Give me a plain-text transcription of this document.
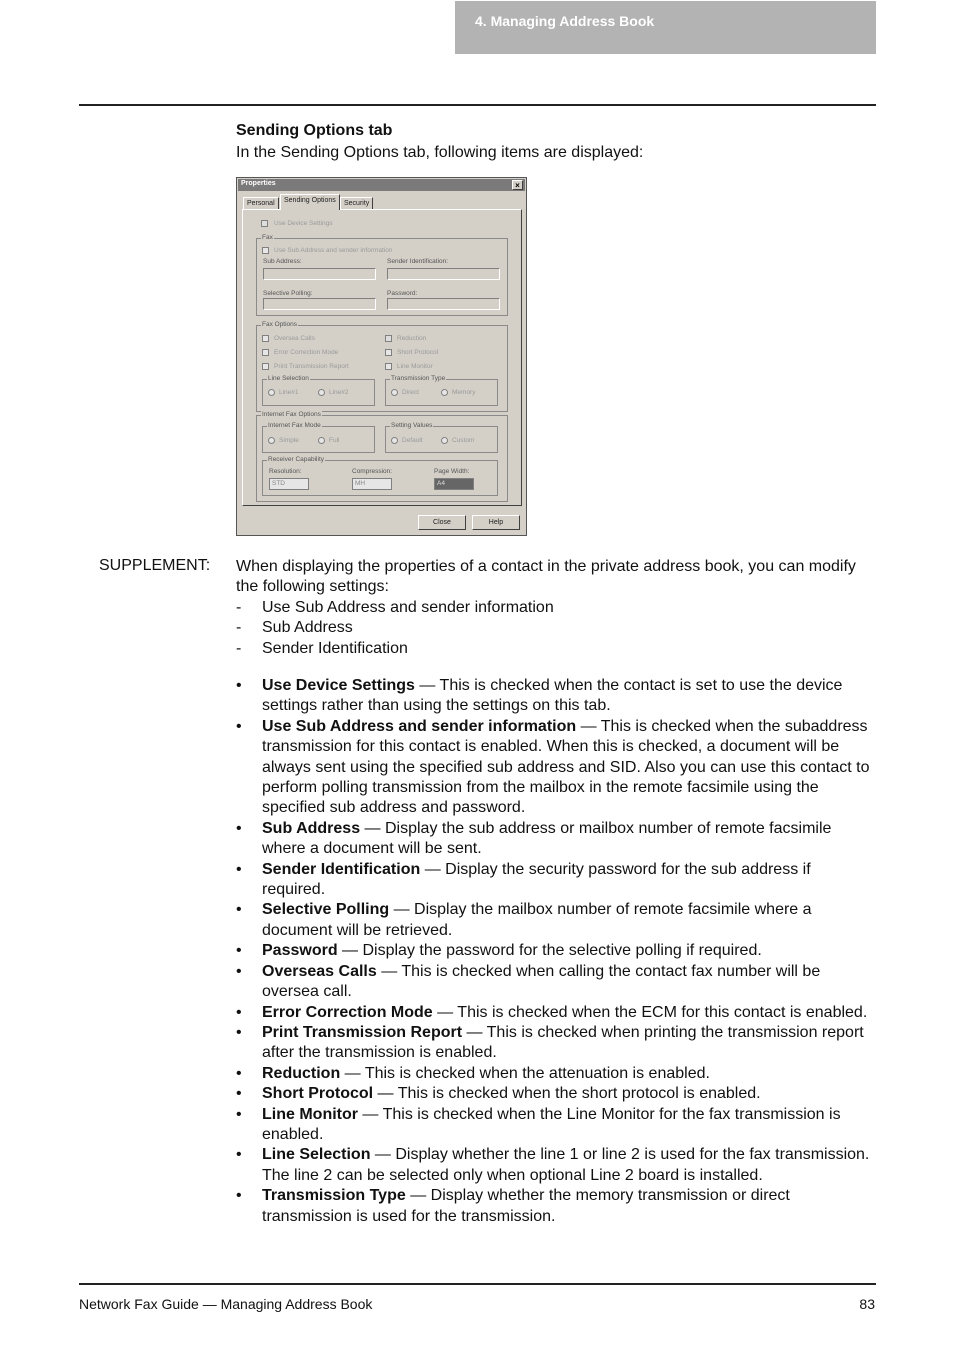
4. Managing Address Book
Sending Options tab
In the Sending Options tab, following items are displayed:
Properties	×
Personal	Sending Options	Security
Use Device Settings
Fax
Use Sub Address and sender information
Sub Address:	Sender Identification:
Selective Polling:	Password:
Fax Options
Oversea Calls
Error Correction Mode
Print Transmission Report
Reduction
Short Protocol
Line Monitor
Line Selection
Line#1	Line#2
Transmission Type
Direct	Memory
Internet Fax Options
Internet Fax Mode
Simple	Full
Setting Values
Default	Custom
Receiver Capability
Resolution:
STD
Compression:
MH
Page Width:
A4
Close	Help
SUPPLEMENT: When displaying the properties of a contact in the private address book, you can modify the following settings:
- Use Sub Address and sender information
- Sub Address
- Sender Identification
• Use Device Settings — This is checked when the contact is set to use the device settings rather than using the settings on this tab.
• Use Sub Address and sender information — This is checked when the subaddress transmission for this contact is enabled. When this is checked, a document will be always sent using the specified sub address and SID. Also you can use this contact to perform polling transmission from the mailbox in the remote facsimile using the specified sub address and password.
• Sub Address — Display the sub address or mailbox number of remote facsimile where a document will be sent.
• Sender Identification — Display the security password for the sub address if required.
• Selective Polling — Display the mailbox number of remote facsimile where a document will be retrieved.
• Password — Display the password for the selective polling if required.
• Overseas Calls — This is checked when calling the contact fax number will be oversea call.
• Error Correction Mode — This is checked when the ECM for this contact is enabled.
• Print Transmission Report — This is checked when printing the transmission report after the transmission is enabled.
• Reduction — This is checked when the attenuation is enabled.
• Short Protocol — This is checked when the short protocol is enabled.
• Line Monitor — This is checked when the Line Monitor for the fax transmission is enabled.
• Line Selection — Display whether the line 1 or line 2 is used for the fax transmission. The line 2 can be selected only when optional Line 2 board is installed.
• Transmission Type — Display whether the memory transmission or direct transmission is used for the transmission.
Network Fax Guide — Managing Address Book	83
